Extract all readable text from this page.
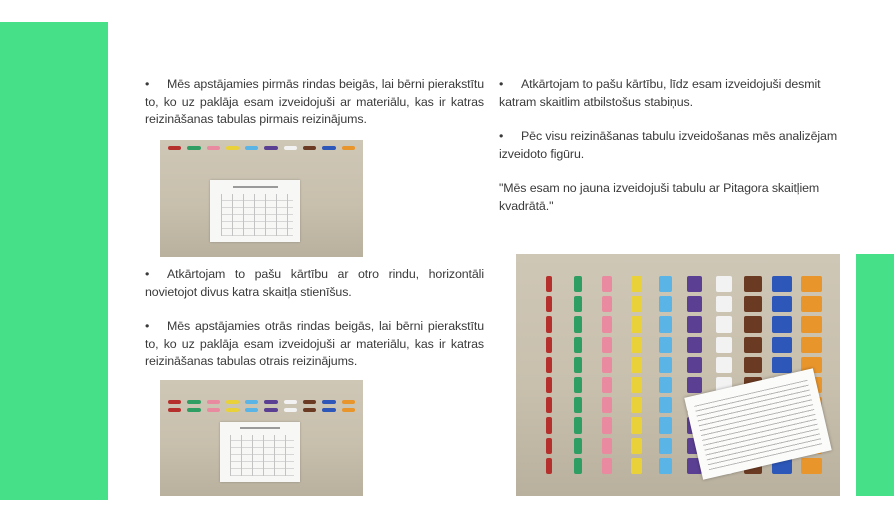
• Mēs apstājamies pirmās rindas beigās, lai bērni pierakstītu to, ko uz paklāja esam izveidojuši ar materiālu, kas ir katras reizināšanas tabulas pirmais reizinājums.

• Atkārtojam to pašu kārtību ar otro rindu, horizontāli novietojot divus katra skaitļa stienīšus.

• Mēs apstājamies otrās rindas beigās, lai bērni pierakstītu to, ko uz paklāja esam izveidojuši ar materiālu, kas ir katras reizināšanas tabulas otrais reizinājums.

• Atkārtojam to pašu kārtību, līdz esam izveidojuši desmit katram skaitlim atbilstošus stabiņus.

• Pēc visu reizināšanas tabulu izveidošanas mēs analizējam izveidoto figūru.

"Mēs esam no jauna izveidojuši tabulu ar Pitagora skaitļiem kvadrātā."
